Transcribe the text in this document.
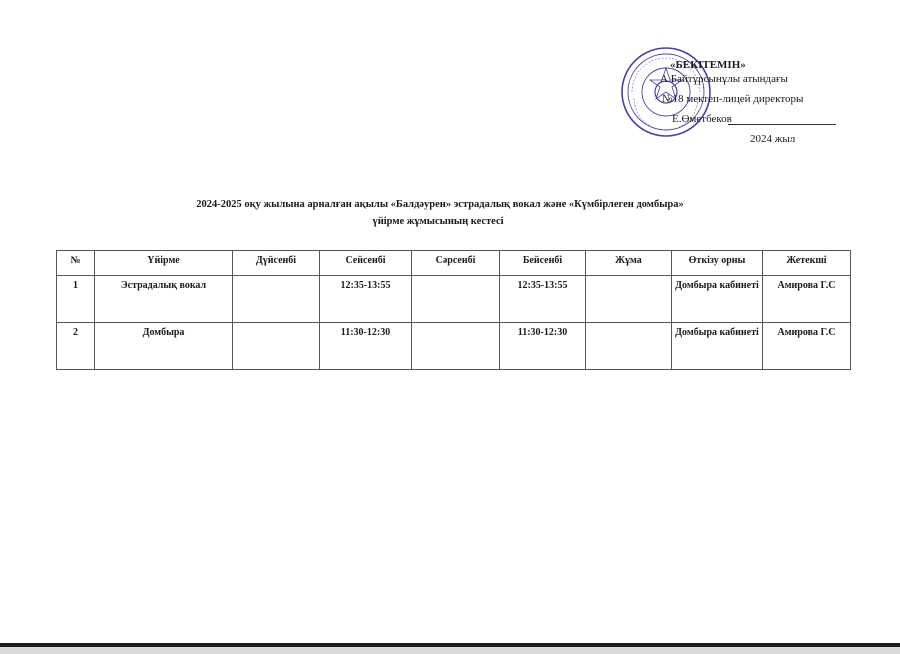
«БЕКІТЕМІН»
А.Байтұрсынұлы атындағы
№18 мектеп-лицей директоры
Е.Өметбеков
2024 жыл
2024-2025 оқу жылына арналған ақылы «Балдәурен» эстрадалық вокал және «Күмбірлеген домбыра»
үйірме жұмысының кестесі
№	Үйірме	Дүйсенбі	Сейсенбі	Сәрсенбі	Бейсенбі	Жұма	Өткізу орны	Жетекші
1	Эстрадалық вокал		12:35-13:55		12:35-13:55		Домбыра кабинеті	Амирова Г.С
2	Домбыра		11:30-12:30		11:30-12:30		Домбыра кабинеті	Амирова Г.С
